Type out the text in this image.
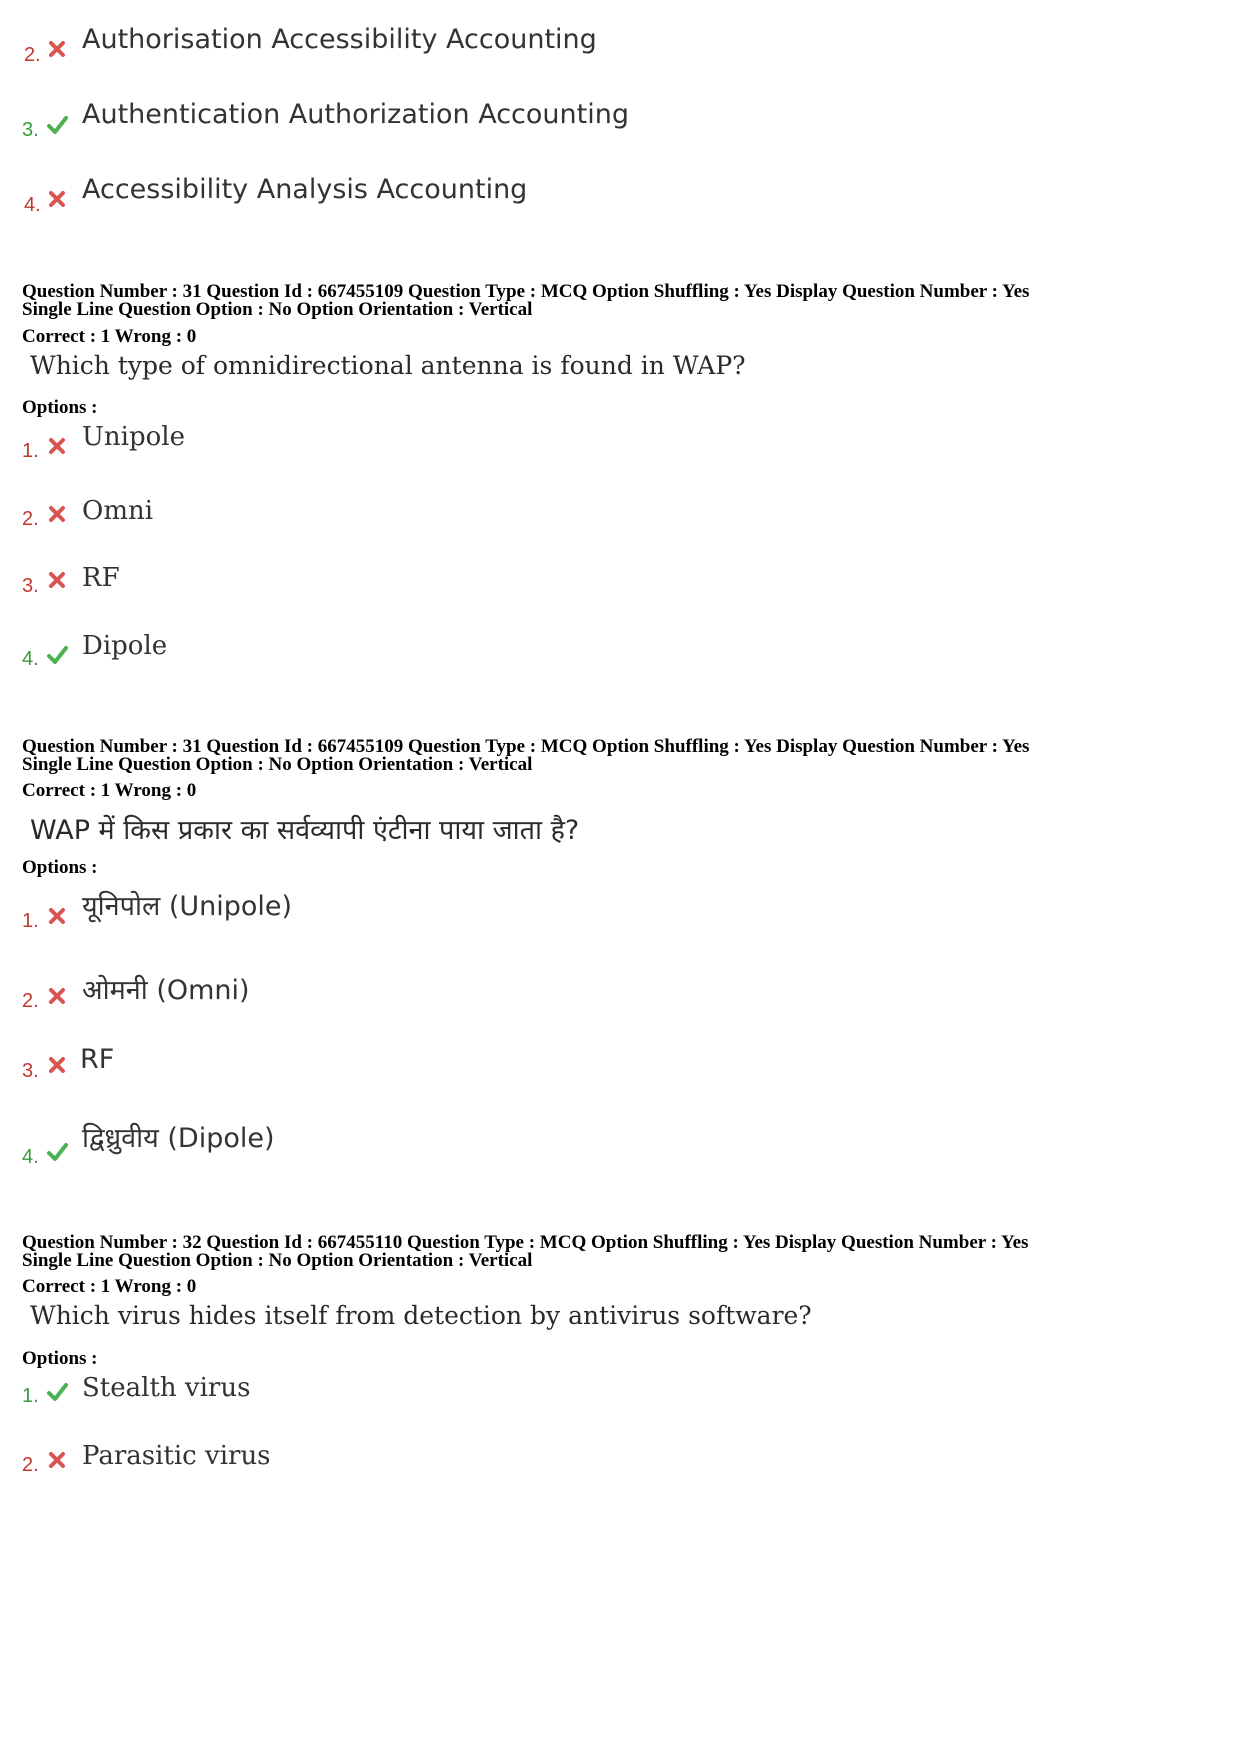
2. Authorisation Accessibility Accounting
3. Authentication Authorization Accounting
4. Accessibility Analysis Accounting
Question Number : 31 Question Id : 667455109 Question Type : MCQ Option Shuffling : Yes Display Question Number : Yes
Single Line Question Option : No Option Orientation : Vertical
Correct : 1 Wrong : 0
Which type of omnidirectional antenna is found in WAP?
Options :
1. Unipole
2. Omni
3. RF
4. Dipole
Question Number : 31 Question Id : 667455109 Question Type : MCQ Option Shuffling : Yes Display Question Number : Yes
Single Line Question Option : No Option Orientation : Vertical
Correct : 1 Wrong : 0
WAP में किस प्रकार का सर्वव्यापी एंटीना पाया जाता है?
Options :
1. यूनिपोल (Unipole)
2. ओमनी (Omni)
3. RF
4.
द्विध्रुवीय (Dipole)
Question Number : 32 Question Id : 667455110 Question Type : MCQ Option Shuffling : Yes Display Question Number : Yes
Single Line Question Option : No Option Orientation : Vertical
Correct : 1 Wrong : 0
Which virus hides itself from detection by antivirus software?
Options :
1. Stealth virus
2. Parasitic virus
